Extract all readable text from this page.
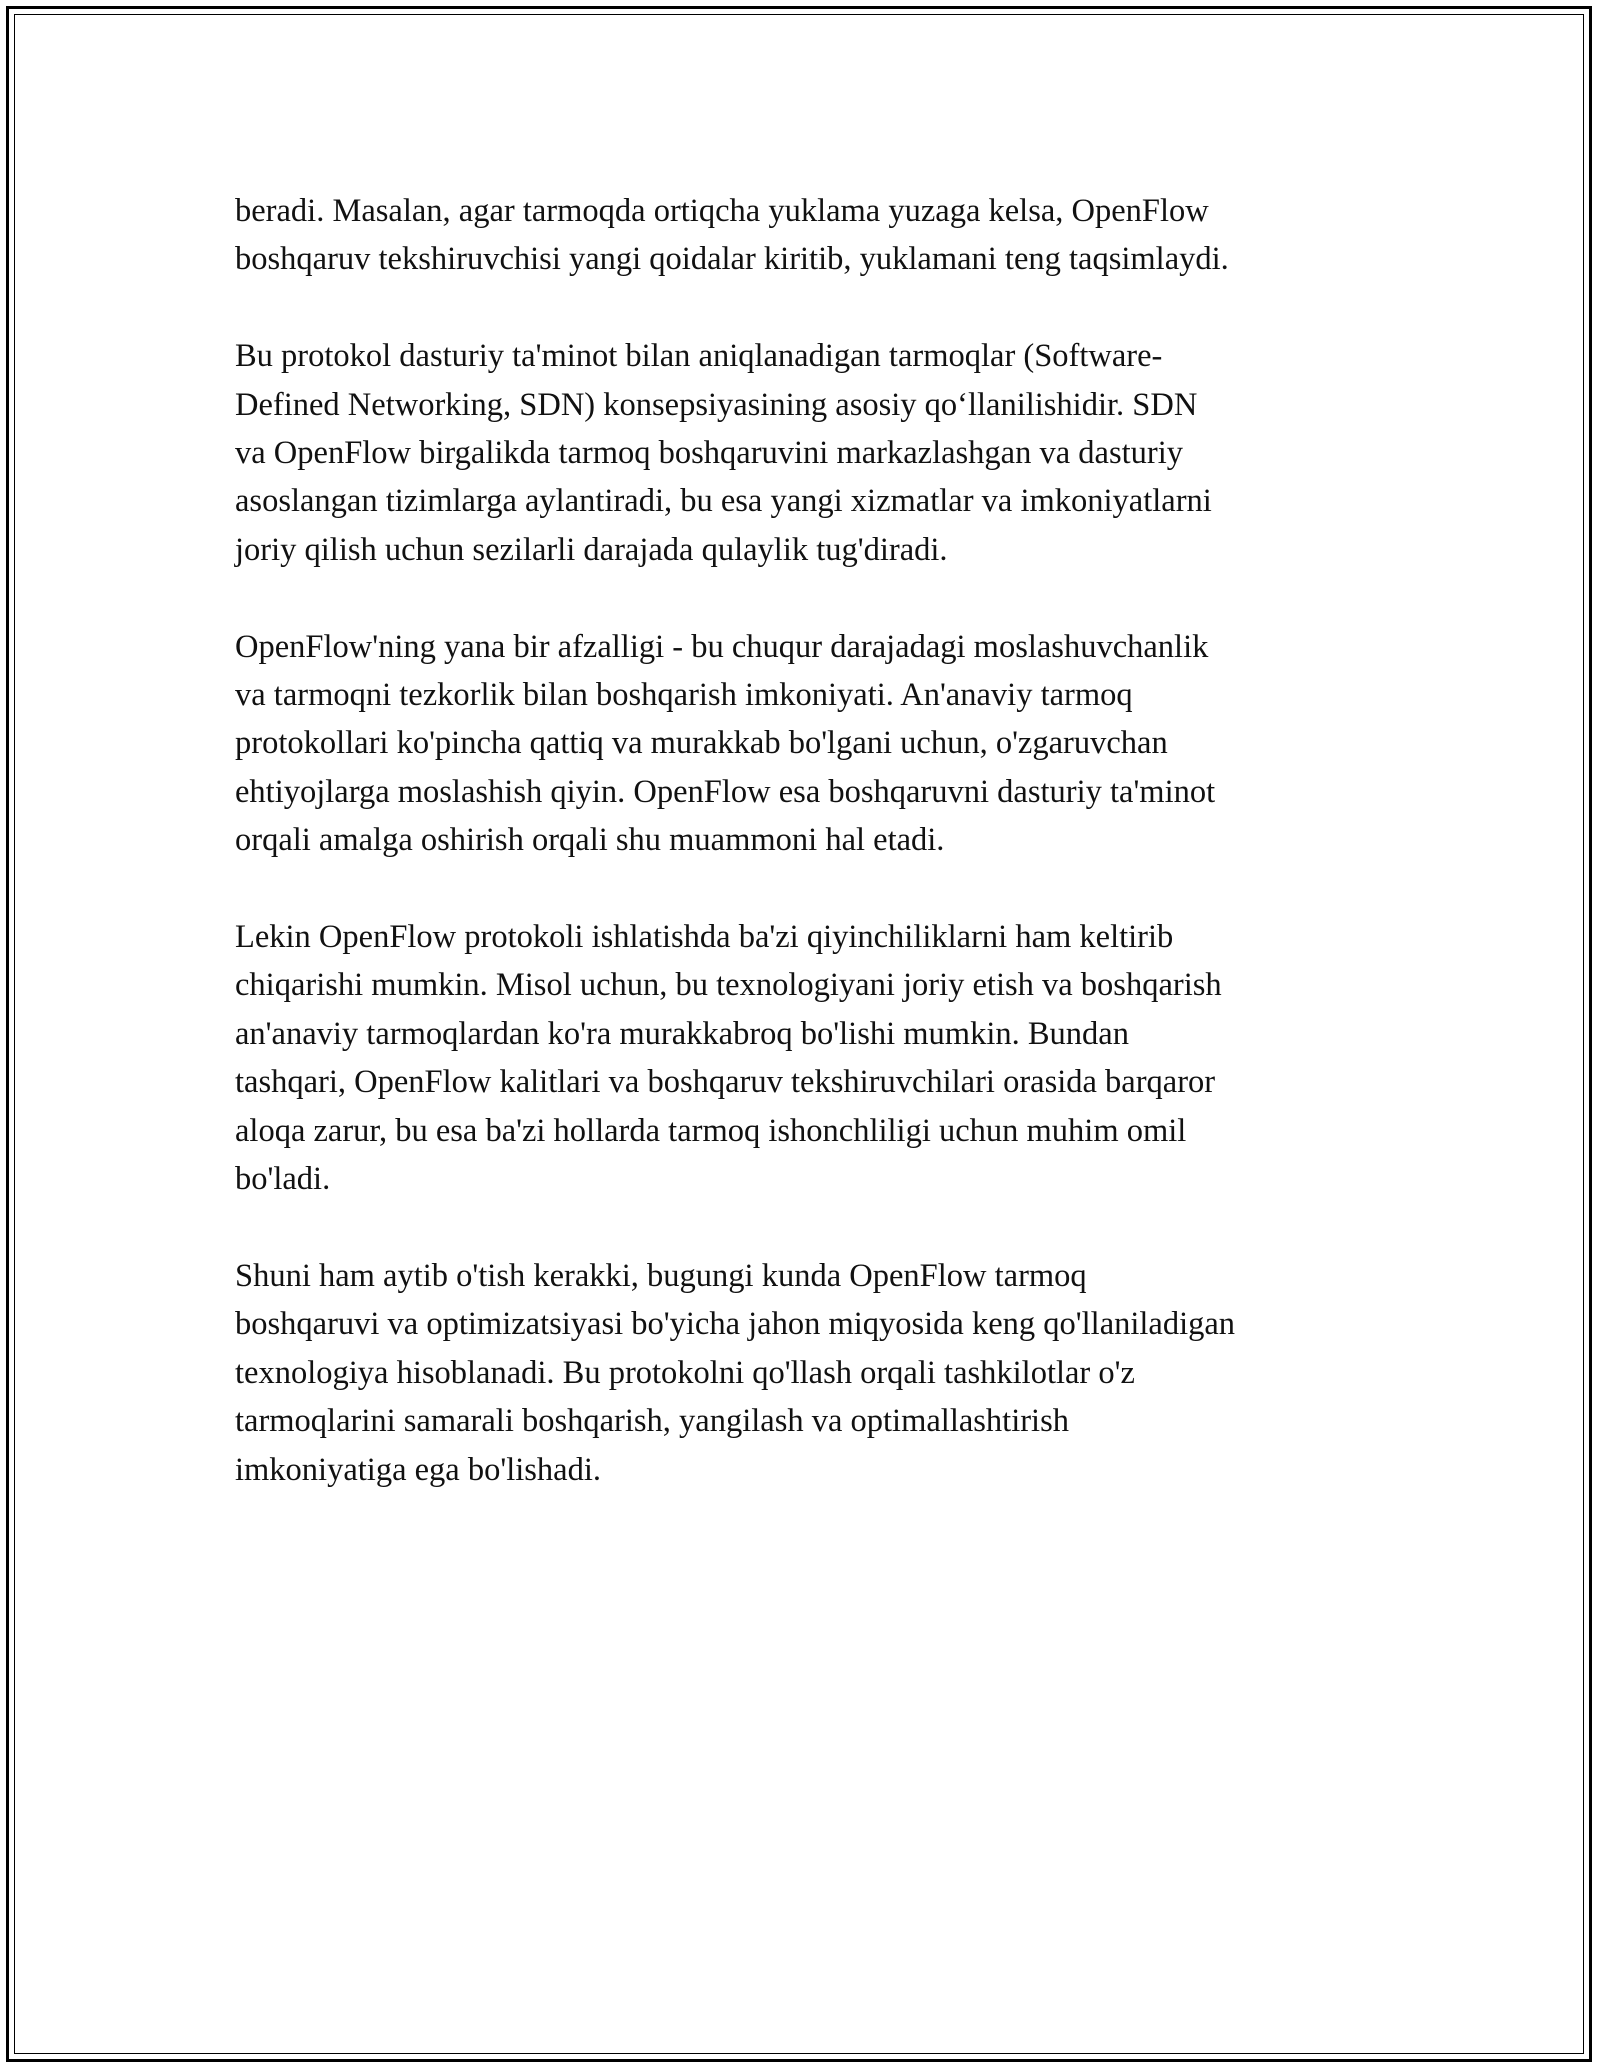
beradi. Masalan, agar tarmoqda ortiqcha yuklama yuzaga kelsa, OpenFlow
boshqaruv tekshiruvchisi yangi qoidalar kiritib, yuklamani teng taqsimlaydi.

Bu protokol dasturiy ta'minot bilan aniqlanadigan tarmoqlar (Software-
Defined Networking, SDN) konsepsiyasining asosiy qo‘llanilishidir. SDN
va OpenFlow birgalikda tarmoq boshqaruvini markazlashgan va dasturiy
asoslangan tizimlarga aylantiradi, bu esa yangi xizmatlar va imkoniyatlarni
joriy qilish uchun sezilarli darajada qulaylik tug'diradi.

OpenFlow'ning yana bir afzalligi - bu chuqur darajadagi moslashuvchanlik
va tarmoqni tezkorlik bilan boshqarish imkoniyati. An'anaviy tarmoq
protokollari ko'pincha qattiq va murakkab bo'lgani uchun, o'zgaruvchan
ehtiyojlarga moslashish qiyin. OpenFlow esa boshqaruvni dasturiy ta'minot
orqali amalga oshirish orqali shu muammoni hal etadi.

Lekin OpenFlow protokoli ishlatishda ba'zi qiyinchiliklarni ham keltirib
chiqarishi mumkin. Misol uchun, bu texnologiyani joriy etish va boshqarish
an'anaviy tarmoqlardan ko'ra murakkabroq bo'lishi mumkin. Bundan
tashqari, OpenFlow kalitlari va boshqaruv tekshiruvchilari orasida barqaror
aloqa zarur, bu esa ba'zi hollarda tarmoq ishonchliligi uchun muhim omil
bo'ladi.

Shuni ham aytib o'tish kerakki, bugungi kunda OpenFlow tarmoq
boshqaruvi va optimizatsiyasi bo'yicha jahon miqyosida keng qo'llaniladigan
texnologiya hisoblanadi. Bu protokolni qo'llash orqali tashkilotlar o'z
tarmoqlarini samarali boshqarish, yangilash va optimallashtirish
imkoniyatiga ega bo'lishadi.
